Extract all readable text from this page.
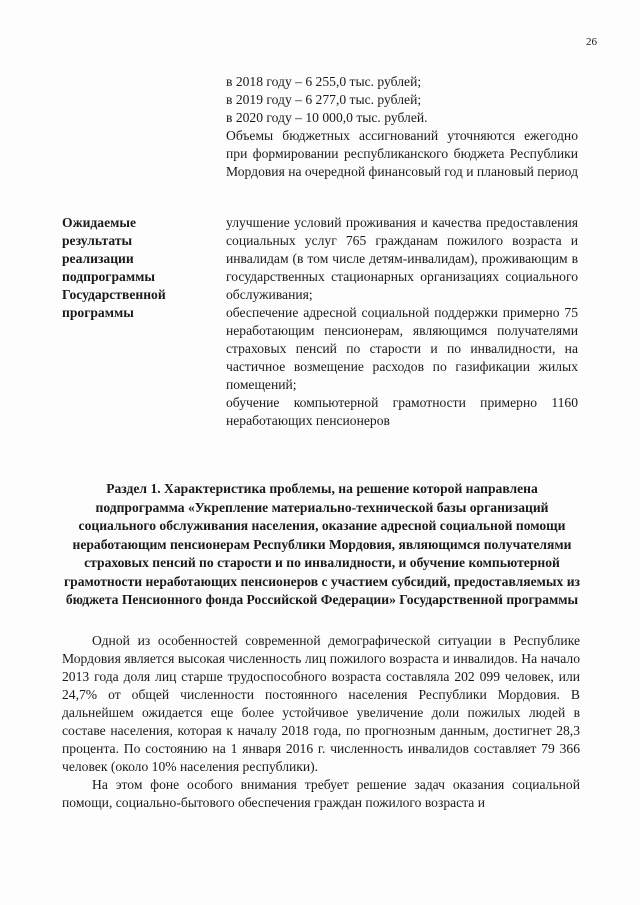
26
в 2018 году – 6 255,0 тыс. рублей;
в 2019 году – 6 277,0 тыс. рублей;
в 2020 году – 10 000,0 тыс. рублей.
Объемы бюджетных ассигнований уточняются ежегодно при формировании республиканского бюджета Республики Мордовия на очередной финансовый год и плановый период
Ожидаемые результаты реализации подпрограммы Государственной программы

улучшение условий проживания и качества предоставления социальных услуг 765 гражданам пожилого возраста и инвалидам (в том числе детям-инвалидам), проживающим в государственных стационарных организациях социального обслуживания;

обеспечение адресной социальной поддержки примерно 75 неработающим пенсионерам, являющимся получателями страховых пенсий по старости и по инвалидности, на частичное возмещение расходов по газификации жилых помещений;

обучение компьютерной грамотности примерно 1160 неработающих пенсионеров

Раздел 1. Характеристика проблемы, на решение которой направлена подпрограмма «Укрепление материально-технической базы организаций социального обслуживания населения, оказание адресной социальной помощи неработающим пенсионерам Республики Мордовия, являющимся получателями страховых пенсий по старости и по инвалидности, и обучение компьютерной грамотности неработающих пенсионеров с участием субсидий, предоставляемых из бюджета Пенсионного фонда Российской Федерации» Государственной программы

Одной из особенностей современной демографической ситуации в Республике Мордовия является высокая численность лиц пожилого возраста и инвалидов. На начало 2013 года доля лиц старше трудоспособного возраста составляла 202 099 человек, или 24,7% от общей численности постоянного населения Республики Мордовия. В дальнейшем ожидается еще более устойчивое увеличение доли пожилых людей в составе населения, которая к началу 2018 года, по прогнозным данным, достигнет 28,3 процента. По состоянию на 1 января 2016 г. численность инвалидов составляет 79 366 человек (около 10% населения республики).

На этом фоне особого внимания требует решение задач оказания социальной помощи, социально-бытового обеспечения граждан пожилого возраста и
